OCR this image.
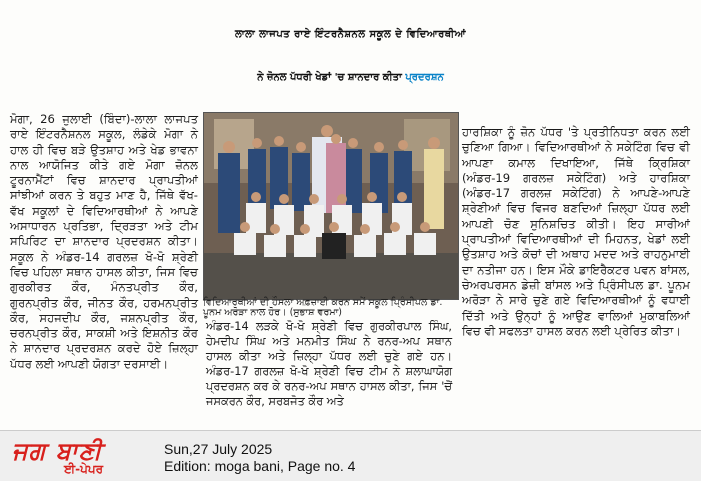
ਲਾਲਾ ਲਾਜਪਤ ਰਾਏ ਇੰਟਰਨੈਸ਼ਨਲ ਸਕੂਲ ਦੇ ਵਿਦਿਆਰਥੀਆਂ
ਨੇ ਜ਼ੋਨਲ ਪੱਧਰੀ ਖੇਡਾਂ 'ਚ ਸ਼ਾਨਦਾਰ ਕੀਤਾ ਪ੍ਰਦਰਸ਼ਨ

ਮੋਗਾ, 26 ਜੁਲਾਈ (ਬਿੰਦਾ)-ਲਾਲਾ ਲਾਜਪਤ ਰਾਏ ਇੰਟਰਨੈਸ਼ਨਲ ਸਕੂਲ, ਲੰਡੇਕੇ ਮੋਗਾ ਨੇ ਹਾਲ ਹੀ ਵਿਚ ਬੜੇ ਉਤਸ਼ਾਹ ਅਤੇ ਖੇਡ ਭਾਵਨਾ ਨਾਲ ਆਯੋਜਿਤ ਕੀਤੇ ਗਏ ਮੋਗਾ ਜ਼ੋਨਲ ਟੂਰਨਾਮੈਂਟਾਂ ਵਿਚ ਸ਼ਾਨਦਾਰ ਪ੍ਰਾਪਤੀਆਂ ਸਾਂਝੀਆਂ ਕਰਨ ਤੇ ਬਹੁਤ ਮਾਣ ਹੈ, ਜਿੱਥੇ ਵੱਖ-ਵੱਖ ਸਕੂਲਾਂ ਦੇ ਵਿਦਿਆਰਥੀਆਂ ਨੇ ਆਪਣੇ ਅਸਾਧਾਰਨ ਪ੍ਰਤਿਭਾ, ਦ੍ਰਿੜਤਾ ਅਤੇ ਟੀਮ ਸਪਿਰਿਟ ਦਾ ਸ਼ਾਨਦਾਰ ਪ੍ਰਦਰਸ਼ਨ ਕੀਤਾ। ਸਕੂਲ ਨੇ ਅੰਡਰ-14 ਗਰਲਜ਼ ਖੋ-ਖੋ ਸ਼੍ਰੇਣੀ ਵਿਚ ਪਹਿਲਾ ਸਥਾਨ ਹਾਸਲ ਕੀਤਾ, ਜਿਸ ਵਿਚ ਗੁਰਕੀਰਤ ਕੌਰ, ਮੰਨਤਪ੍ਰੀਤ ਕੌਰ, ਗੁਰਨਪ੍ਰੀਤ ਕੌਰ, ਜੀਨਤ ਕੌਰ, ਹਰਮਨਪ੍ਰੀਤ ਕੌਰ, ਸਹਜਦੀਪ ਕੌਰ, ਜਸ਼ਨਪ੍ਰੀਤ ਕੌਰ, ਚਰਨਪ੍ਰੀਤ ਕੌਰ, ਸਾਕਸ਼ੀ ਅਤੇ ਇਸ਼ਨੀਤ ਕੌਰ ਨੇ ਸ਼ਾਨਦਾਰ ਪ੍ਰਦਰਸ਼ਨ ਕਰਦੇ ਹੋਏ ਜ਼ਿਲ੍ਹਾ ਪੱਧਰ ਲਈ ਆਪਣੀ ਯੋਗਤਾ ਦਰਸਾਈ।

ਵਿਦਿਆਰਥੀਆਂ ਦੀ ਹੌਸਲਾ ਅਫ਼ਜ਼ਾਈ ਕਰਨ ਸਮੇਂ ਸਕੂਲ ਪ੍ਰਿੰਸੀਪਲ ਡਾ. ਪੂਨਮ ਅਰੋੜਾ ਨਾਲ ਹੋਰ। (ਸੁਭਾਸ਼ ਵਰਮਾ)

ਅੰਡਰ-14 ਲੜਕੇ ਖੋ-ਖੋ ਸ਼੍ਰੇਣੀ ਵਿਚ ਗੁਰਕੀਰਪਾਲ ਸਿੰਘ, ਹੇਮਦੀਪ ਸਿੰਘ ਅਤੇ ਮਨਮੀਤ ਸਿੰਘ ਨੇ ਰਨਰ-ਅਪ ਸਥਾਨ ਹਾਸਲ ਕੀਤਾ ਅਤੇ ਜ਼ਿਲ੍ਹਾ ਪੱਧਰ ਲਈ ਚੁਣੇ ਗਏ ਹਨ। ਅੰਡਰ-17 ਗਰਲਜ਼ ਖੋ-ਖੋ ਸ਼੍ਰੇਣੀ ਵਿਚ ਟੀਮ ਨੇ ਸ਼ਲਾਘਾਯੋਗ ਪ੍ਰਦਰਸ਼ਨ ਕਰ ਕੇ ਰਨਰ-ਅਪ ਸਥਾਨ ਹਾਸਲ ਕੀਤਾ, ਜਿਸ 'ਚੋਂ ਜਸਕਰਨ ਕੌਰ, ਸਰਬਜੋਤ ਕੌਰ ਅਤੇ

ਹਾਰਸ਼ਿਕਾ ਨੂੰ ਜ਼ੋਨ ਪੱਧਰ 'ਤੇ ਪ੍ਰਤੀਨਿਧਤਾ ਕਰਨ ਲਈ ਚੁਣਿਆ ਗਿਆ। ਵਿਦਿਆਰਥੀਆਂ ਨੇ ਸਕੇਟਿੰਗ ਵਿਚ ਵੀ ਆਪਣਾ ਕਮਾਲ ਦਿਖਾਇਆ, ਜਿੱਥੇ ਕ੍ਰਿਸ਼ਿਕਾ (ਅੰਡਰ-19 ਗਰਲਜ਼ ਸਕੇਟਿੰਗ) ਅਤੇ ਹਾਰਸ਼ਿਕਾ (ਅੰਡਰ-17 ਗਰਲਜ਼ ਸਕੇਟਿੰਗ) ਨੇ ਆਪਣੇ-ਆਪਣੇ ਸ਼੍ਰੇਣੀਆਂ ਵਿਚ ਵਿਜਰ ਬਣਦਿਆਂ ਜ਼ਿਲ੍ਹਾ ਪੱਧਰ ਲਈ ਆਪਣੀ ਚੋਣ ਸੁਨਿਸ਼ਚਿਤ ਕੀਤੀ। ਇਹ ਸਾਰੀਆਂ ਪ੍ਰਾਪਤੀਆਂ ਵਿਦਿਆਰਥੀਆਂ ਦੀ ਮਿਹਨਤ, ਖੇਡਾਂ ਲਈ ਉਤਸ਼ਾਹ ਅਤੇ ਕੋਚਾਂ ਦੀ ਅਥਾਹ ਮਦਦ ਅਤੇ ਰਾਹਨੁਮਾਈ ਦਾ ਨਤੀਜਾ ਹਨ। ਇਸ ਮੌਕੇ ਡਾਇਰੈਕਟਰ ਪਵਨ ਬਾਂਸਲ, ਚੇਅਰਪਰਸਨ ਡੇਜ਼ੀ ਬਾਂਸਲ ਅਤੇ ਪ੍ਰਿੰਸੀਪਲ ਡਾ. ਪੂਨਮ ਅਰੋੜਾ ਨੇ ਸਾਰੇ ਚੁਣੇ ਗਏ ਵਿਦਿਆਰਥੀਆਂ ਨੂੰ ਵਧਾਈ ਦਿੱਤੀ ਅਤੇ ਉਨ੍ਹਾਂ ਨੂੰ ਆਉਣ ਵਾਲਿਆਂ ਮੁਕਾਬਲਿਆਂ ਵਿਚ ਵੀ ਸਫਲਤਾ ਹਾਸਲ ਕਰਨ ਲਈ ਪ੍ਰੇਰਿਤ ਕੀਤਾ।

ਜਗ ਬਾਣੀ
ਈ-ਪੇਪਰ
Sun,27 July 2025
Edition: moga bani, Page no. 4
